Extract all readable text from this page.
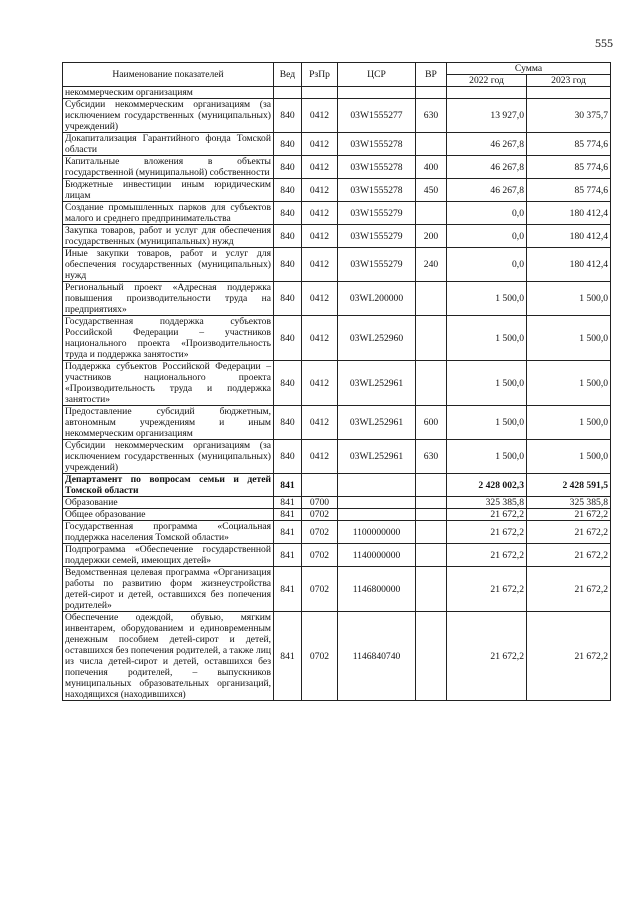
555
Наименование показателей	Вед	РзПр	ЦСР	ВР	Сумма	
					2022 год	2023 год
некоммерческим организациям						
Субсидии некоммерческим организациям (за исключением государственных (муниципальных) учреждений)	840	0412	03W1555277	630	13 927,0	30 375,7
Докапитализация Гарантийного фонда Томской области	840	0412	03W1555278		46 267,8	85 774,6
Капитальные вложения в объекты государственной (муниципальной) собственности	840	0412	03W1555278	400	46 267,8	85 774,6
Бюджетные инвестиции иным юридическим лицам	840	0412	03W1555278	450	46 267,8	85 774,6
Создание промышленных парков для субъектов малого и среднего предпринимательства	840	0412	03W1555279		0,0	180 412,4
Закупка товаров, работ и услуг для обеспечения государственных (муниципальных) нужд	840	0412	03W1555279	200	0,0	180 412,4
Иные закупки товаров, работ и услуг для обеспечения государственных (муниципальных) нужд	840	0412	03W1555279	240	0,0	180 412,4
Региональный проект «Адресная поддержка повышения производительности труда на предприятиях»	840	0412	03WL200000		1 500,0	1 500,0
Государственная поддержка субъектов Российской Федерации – участников национального проекта «Производительность труда и поддержка занятости»	840	0412	03WL252960		1 500,0	1 500,0
Поддержка субъектов Российской Федерации – участников национального проекта «Производительность труда и поддержка занятости»	840	0412	03WL252961		1 500,0	1 500,0
Предоставление субсидий бюджетным, автономным учреждениям и иным некоммерческим организациям	840	0412	03WL252961	600	1 500,0	1 500,0
Субсидии некоммерческим организациям (за исключением государственных (муниципальных) учреждений)	840	0412	03WL252961	630	1 500,0	1 500,0
Департамент по вопросам семьи и детей Томской области	841				2 428 002,3	2 428 591,5
Образование	841	0700			325 385,8	325 385,8
Общее образование	841	0702			21 672,2	21 672,2
Государственная программа «Социальная поддержка населения Томской области»	841	0702	1100000000		21 672,2	21 672,2
Подпрограмма «Обеспечение государственной поддержки семей, имеющих детей»	841	0702	1140000000		21 672,2	21 672,2
Ведомственная целевая программа «Организация работы по развитию форм жизнеустройства детей-сирот и детей, оставшихся без попечения родителей»	841	0702	1146800000		21 672,2	21 672,2
Обеспечение одеждой, обувью, мягким инвентарем, оборудованием и единовременным денежным пособием детей-сирот и детей, оставшихся без попечения родителей, а также лиц из числа детей-сирот и детей, оставшихся без попечения родителей, – выпускников муниципальных образовательных организаций, находящихся (находившихся)	841	0702	1146840740		21 672,2	21 672,2
